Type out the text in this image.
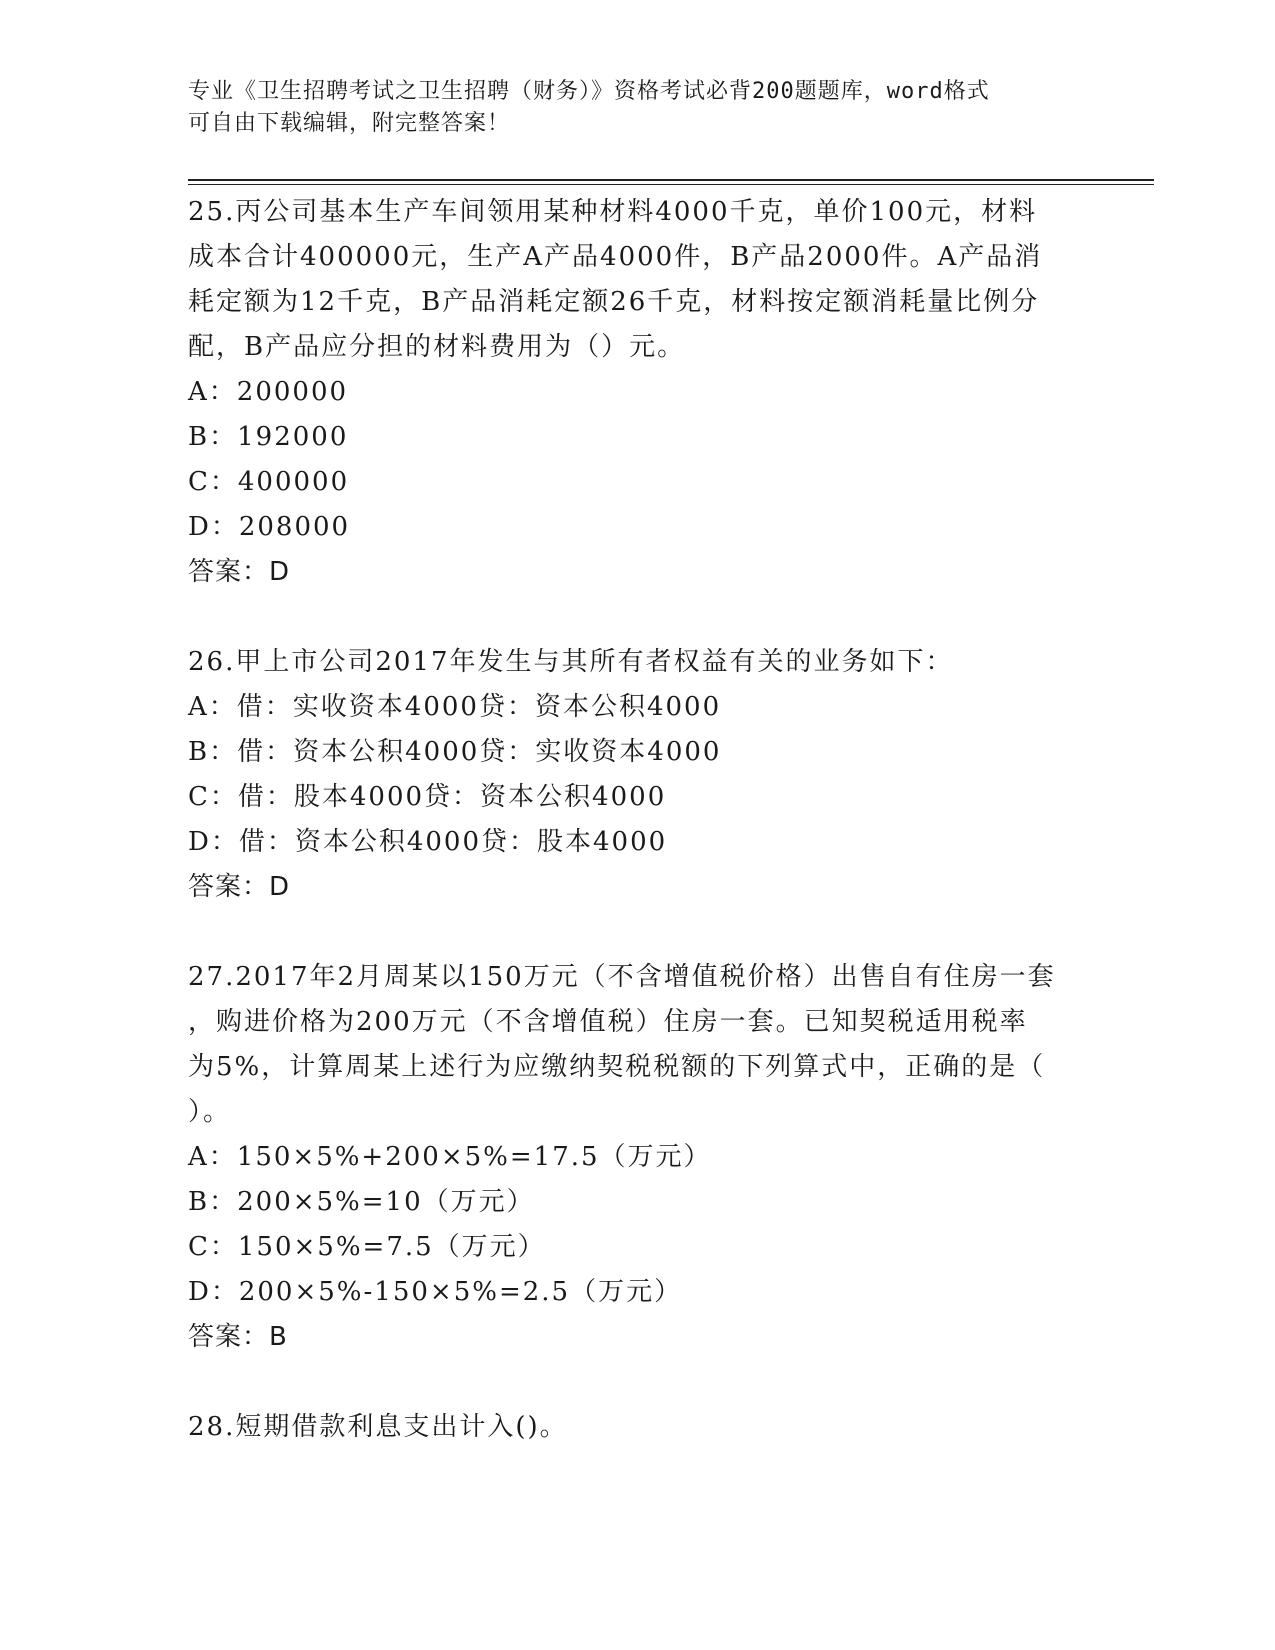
专业《卫生招聘考试之卫生招聘（财务）》资格考试必背200题题库，word格式
可自由下载编辑，附完整答案！

25.丙公司基本生产车间领用某种材料4000千克，单价100元，材料

成本合计400000元，生产A产品4000件，B产品2000件。A产品消

耗定额为12千克，B产品消耗定额26千克，材料按定额消耗量比例分

配，B产品应分担的材料费用为（）元。

A：200000

B：192000

C：400000

D：208000

答案：D

26.甲上市公司2017年发生与其所有者权益有关的业务如下：

A：借：实收资本4000贷：资本公积4000

B：借：资本公积4000贷：实收资本4000

C：借：股本4000贷：资本公积4000

D：借：资本公积4000贷：股本4000

答案：D

27.2017年2月周某以150万元（不含增值税价格）出售自有住房一套

，购进价格为200万元（不含增值税）住房一套。已知契税适用税率

为5%，计算周某上述行为应缴纳契税税额的下列算式中，正确的是（

）。

A：150×5%+200×5%=17.5（万元）

B：200×5%=10（万元）

C：150×5%=7.5（万元）

D：200×5%-150×5%=2.5（万元）

答案：B

28.短期借款利息支出计入()。
